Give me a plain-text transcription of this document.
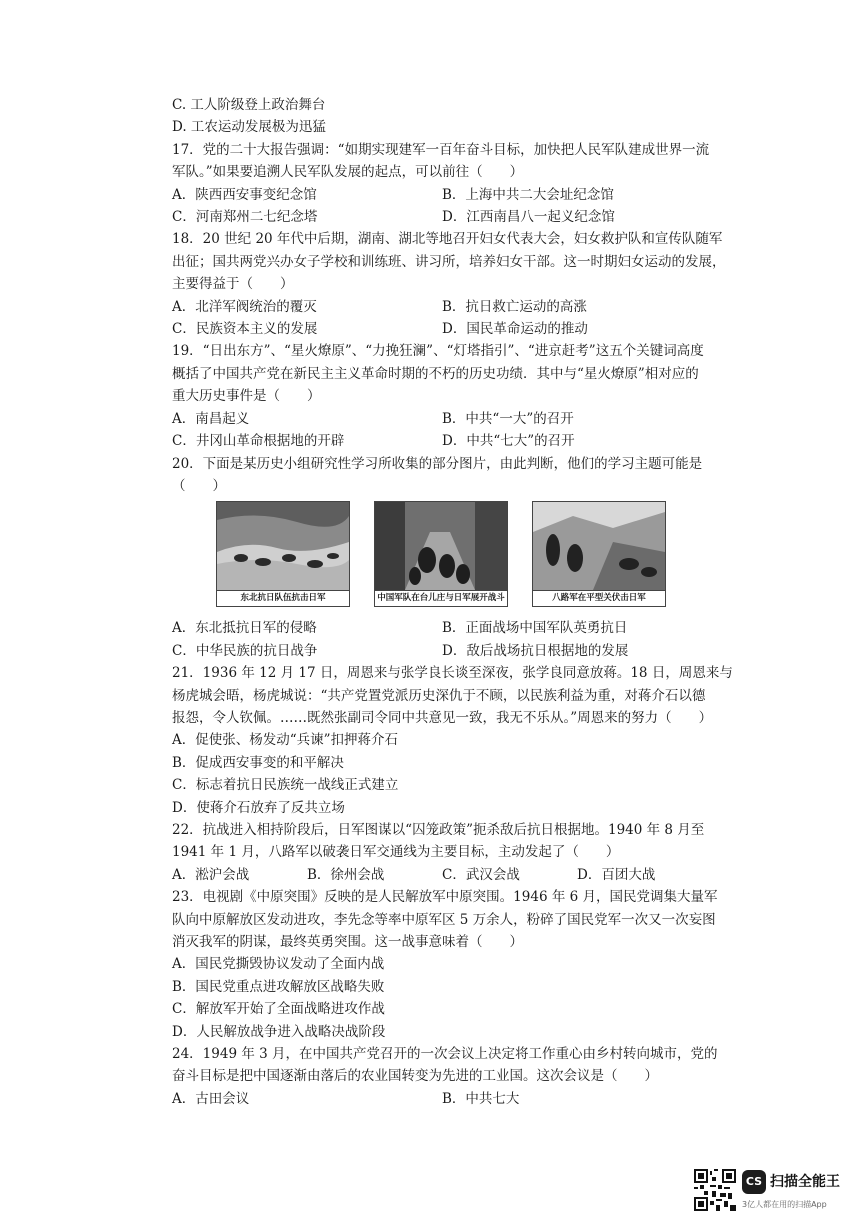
C. 工人阶级登上政治舞台
D. 工农运动发展极为迅猛
17．党的二十大报告强调：“如期实现建军一百年奋斗目标，加快把人民军队建成世界一流
军队。”如果要追溯人民军队发展的起点，可以前往（　　）
A．陕西西安事变纪念馆	B．上海中共二大会址纪念馆
C．河南郑州二七纪念塔	D．江西南昌八一起义纪念馆
18．20 世纪 20 年代中后期，湖南、湖北等地召开妇女代表大会，妇女救护队和宣传队随军
出征；国共两党兴办女子学校和训练班、讲习所，培养妇女干部。这一时期妇女运动的发展，
主要得益于（　　）
A．北洋军阀统治的覆灭	B．抗日救亡运动的高涨
C．民族资本主义的发展	D．国民革命运动的推动
19．“日出东方”、“星火燎原”、“力挽狂澜”、“灯塔指引”、“进京赶考”这五个关键词高度
概括了中国共产党在新民主主义革命时期的不朽的历史功绩．其中与“星火燎原”相对应的
重大历史事件是（　　）
A．南昌起义	B．中共“一大”的召开
C．井冈山革命根据地的开辟	D．中共“七大”的召开
20．下面是某历史小组研究性学习所收集的部分图片，由此判断，他们的学习主题可能是
（　　）
东北抗日队伍抗击日军	中国军队在台儿庄与日军展开战斗	八路军在平型关伏击日军
A．东北抵抗日军的侵略	B．正面战场中国军队英勇抗日
C．中华民族的抗日战争	D．敌后战场抗日根据地的发展
21．1936 年 12 月 17 日，周恩来与张学良长谈至深夜，张学良同意放蒋。18 日，周恩来与
杨虎城会晤，杨虎城说：“共产党置党派历史深仇于不顾，以民族利益为重，对蒋介石以德
报怨，令人钦佩。……既然张副司令同中共意见一致，我无不乐从。”周恩来的努力（　　）
A．促使张、杨发动“兵谏”扣押蒋介石
B．促成西安事变的和平解决
C．标志着抗日民族统一战线正式建立
D．使蒋介石放弃了反共立场
22．抗战进入相持阶段后，日军图谋以“囚笼政策”扼杀敌后抗日根据地。1940 年 8 月至
1941 年 1 月，八路军以破袭日军交通线为主要目标，主动发起了（　　）
A．淞沪会战	B．徐州会战	C．武汉会战	D．百团大战
23．电视剧《中原突围》反映的是人民解放军中原突围。1946 年 6 月，国民党调集大量军
队向中原解放区发动进攻，李先念等率中原军区 5 万余人，粉碎了国民党军一次又一次妄图
消灭我军的阴谋，最终英勇突围。这一战事意味着（　　）
A．国民党撕毁协议发动了全面内战
B．国民党重点进攻解放区战略失败
C．解放军开始了全面战略进攻作战
D．人民解放战争进入战略决战阶段
24．1949 年 3 月，在中国共产党召开的一次会议上决定将工作重心由乡村转向城市，党的
奋斗目标是把中国逐渐由落后的农业国转变为先进的工业国。这次会议是（　　）
A．古田会议	B．中共七大
CS 扫描全能王
3亿人都在用的扫描App
